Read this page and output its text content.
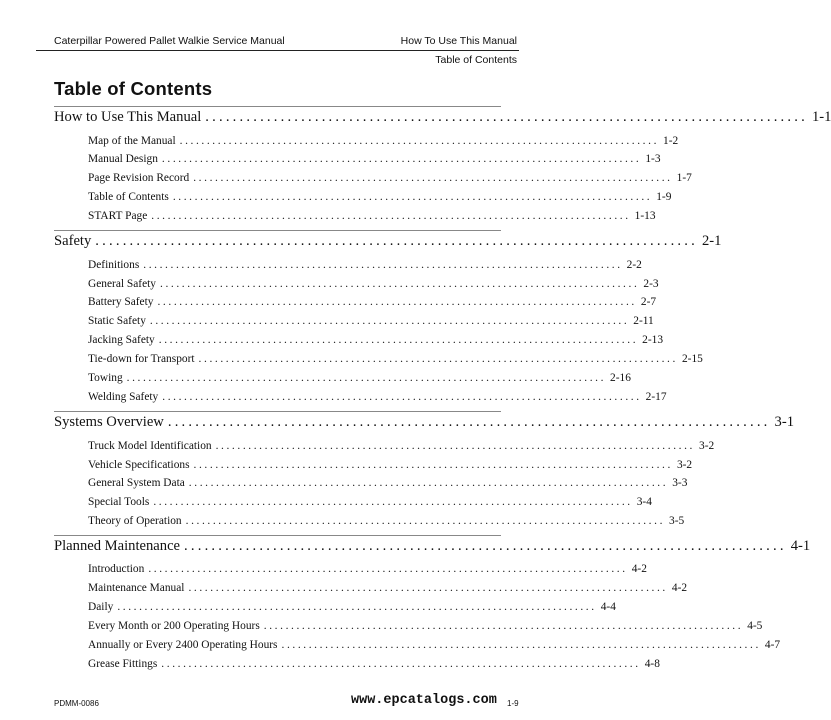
Caterpillar Powered Pallet Walkie Service Manual	How To Use This Manual
Table of Contents
Table of Contents
How to Use This Manual ........................................................................................ 1-1
Map of the Manual ........................................................................................ 1-2
Manual Design ........................................................................................ 1-3
Page Revision Record ........................................................................................ 1-7
Table of Contents ........................................................................................ 1-9
START Page ........................................................................................ 1-13
Safety ........................................................................................ 2-1
Definitions ........................................................................................ 2-2
General Safety ........................................................................................ 2-3
Battery Safety ........................................................................................ 2-7
Static Safety ........................................................................................ 2-11
Jacking Safety ........................................................................................ 2-13
Tie-down for Transport ........................................................................................ 2-15
Towing ........................................................................................ 2-16
Welding Safety ........................................................................................ 2-17
Systems Overview ........................................................................................ 3-1
Truck Model Identification ........................................................................................ 3-2
Vehicle Specifications ........................................................................................ 3-2
General System Data ........................................................................................ 3-3
Special Tools ........................................................................................ 3-4
Theory of Operation ........................................................................................ 3-5
Planned Maintenance ........................................................................................ 4-1
Introduction ........................................................................................ 4-2
Maintenance Manual ........................................................................................ 4-2
Daily ........................................................................................ 4-4
Every Month or 200 Operating Hours ........................................................................................ 4-5
Annually or Every 2400 Operating Hours ........................................................................................ 4-7
Grease Fittings ........................................................................................ 4-8
PDMM-0086	www.epcatalogs.com 1-9
